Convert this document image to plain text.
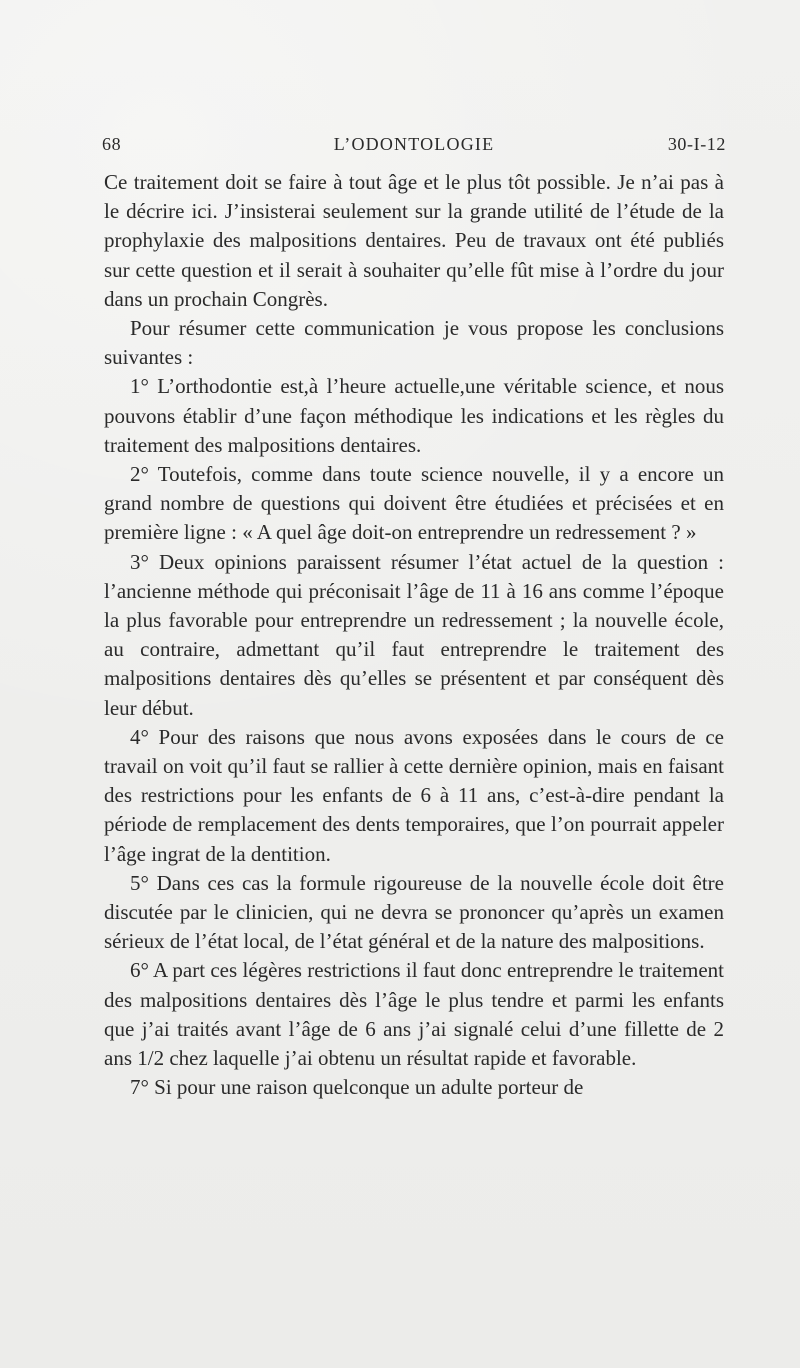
68	L’ODONTOLOGIE	30-I-12

Ce traitement doit se faire à tout âge et le plus tôt possible. Je n’ai pas à le décrire ici. J’insisterai seulement sur la grande utilité de l’étude de la prophylaxie des malpositions dentaires. Peu de travaux ont été publiés sur cette question et il serait à souhaiter qu’elle fût mise à l’ordre du jour dans un prochain Congrès.

Pour résumer cette communication je vous propose les conclusions suivantes :

1° L’orthodontie est,à l’heure actuelle,une véritable science, et nous pouvons établir d’une façon méthodique les indications et les règles du traitement des malpositions dentaires.

2° Toutefois, comme dans toute science nouvelle, il y a encore un grand nombre de questions qui doivent être étudiées et précisées et en première ligne : « A quel âge doit-on entreprendre un redressement ? »

3° Deux opinions paraissent résumer l’état actuel de la question : l’ancienne méthode qui préconisait l’âge de 11 à 16 ans comme l’époque la plus favorable pour entreprendre un redressement ; la nouvelle école, au contraire, admettant qu’il faut entreprendre le traitement des malpositions dentaires dès qu’elles se présentent et par conséquent dès leur début.

4° Pour des raisons que nous avons exposées dans le cours de ce travail on voit qu’il faut se rallier à cette dernière opinion, mais en faisant des restrictions pour les enfants de 6 à 11 ans, c’est-à-dire pendant la période de remplacement des dents temporaires, que l’on pourrait appeler l’âge ingrat de la dentition.

5° Dans ces cas la formule rigoureuse de la nouvelle école doit être discutée par le clinicien, qui ne devra se prononcer qu’après un examen sérieux de l’état local, de l’état général et de la nature des malpositions.

6° A part ces légères restrictions il faut donc entreprendre le traitement des malpositions dentaires dès l’âge le plus tendre et parmi les enfants que j’ai traités avant l’âge de 6 ans j’ai signalé celui d’une fillette de 2 ans 1/2 chez laquelle j’ai obtenu un résultat rapide et favorable.

7° Si pour une raison quelconque un adulte porteur de
